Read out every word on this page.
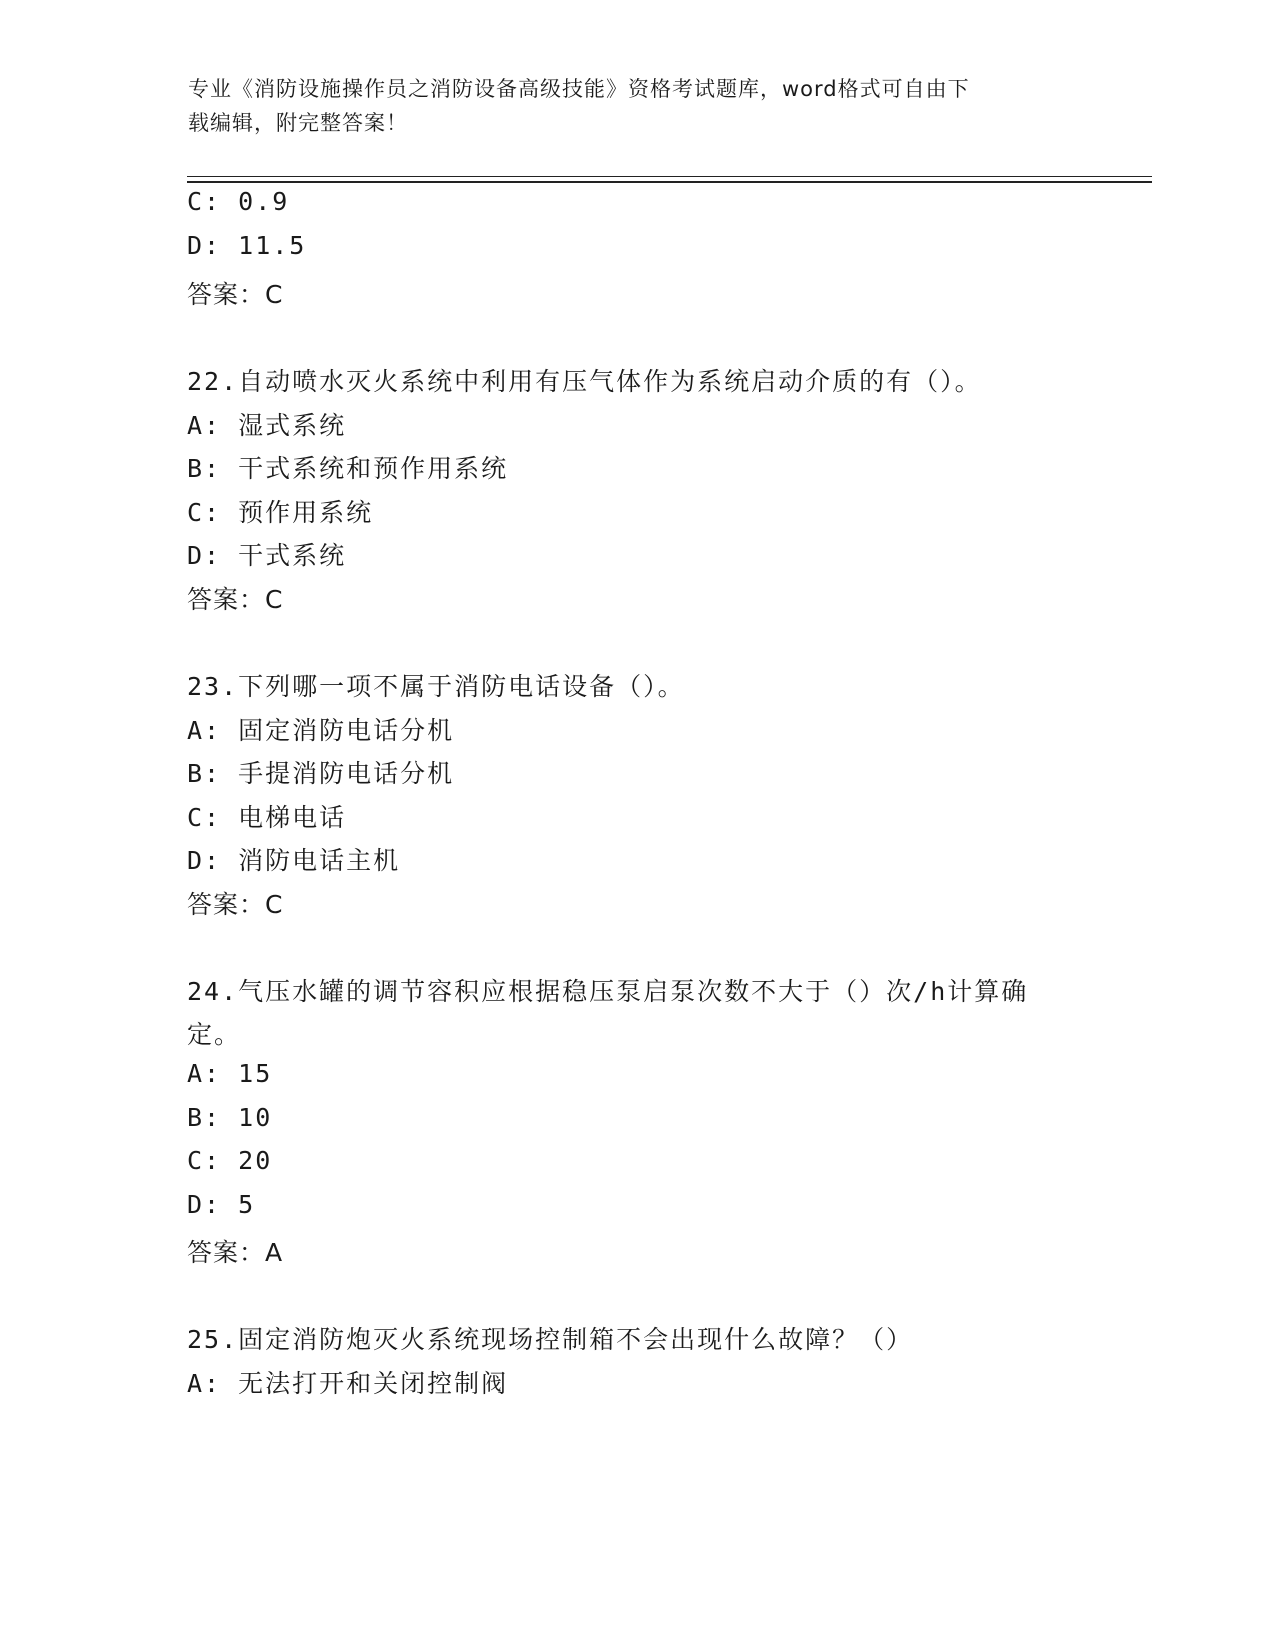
专业《消防设施操作员之消防设备高级技能》资格考试题库，word格式可自由下
载编辑，附完整答案！
C: 0.9
D: 11.5
答案：C
22.自动喷水灭火系统中利用有压气体作为系统启动介质的有（）。
A: 湿式系统
B: 干式系统和预作用系统
C: 预作用系统
D: 干式系统
答案：C
23.下列哪一项不属于消防电话设备（）。
A: 固定消防电话分机
B: 手提消防电话分机
C: 电梯电话
D: 消防电话主机
答案：C
24.气压水罐的调节容积应根据稳压泵启泵次数不大于（）次/h计算确
定。
A: 15
B: 10
C: 20
D: 5
答案：A
25.固定消防炮灭火系统现场控制箱不会出现什么故障？（）
A: 无法打开和关闭控制阀
